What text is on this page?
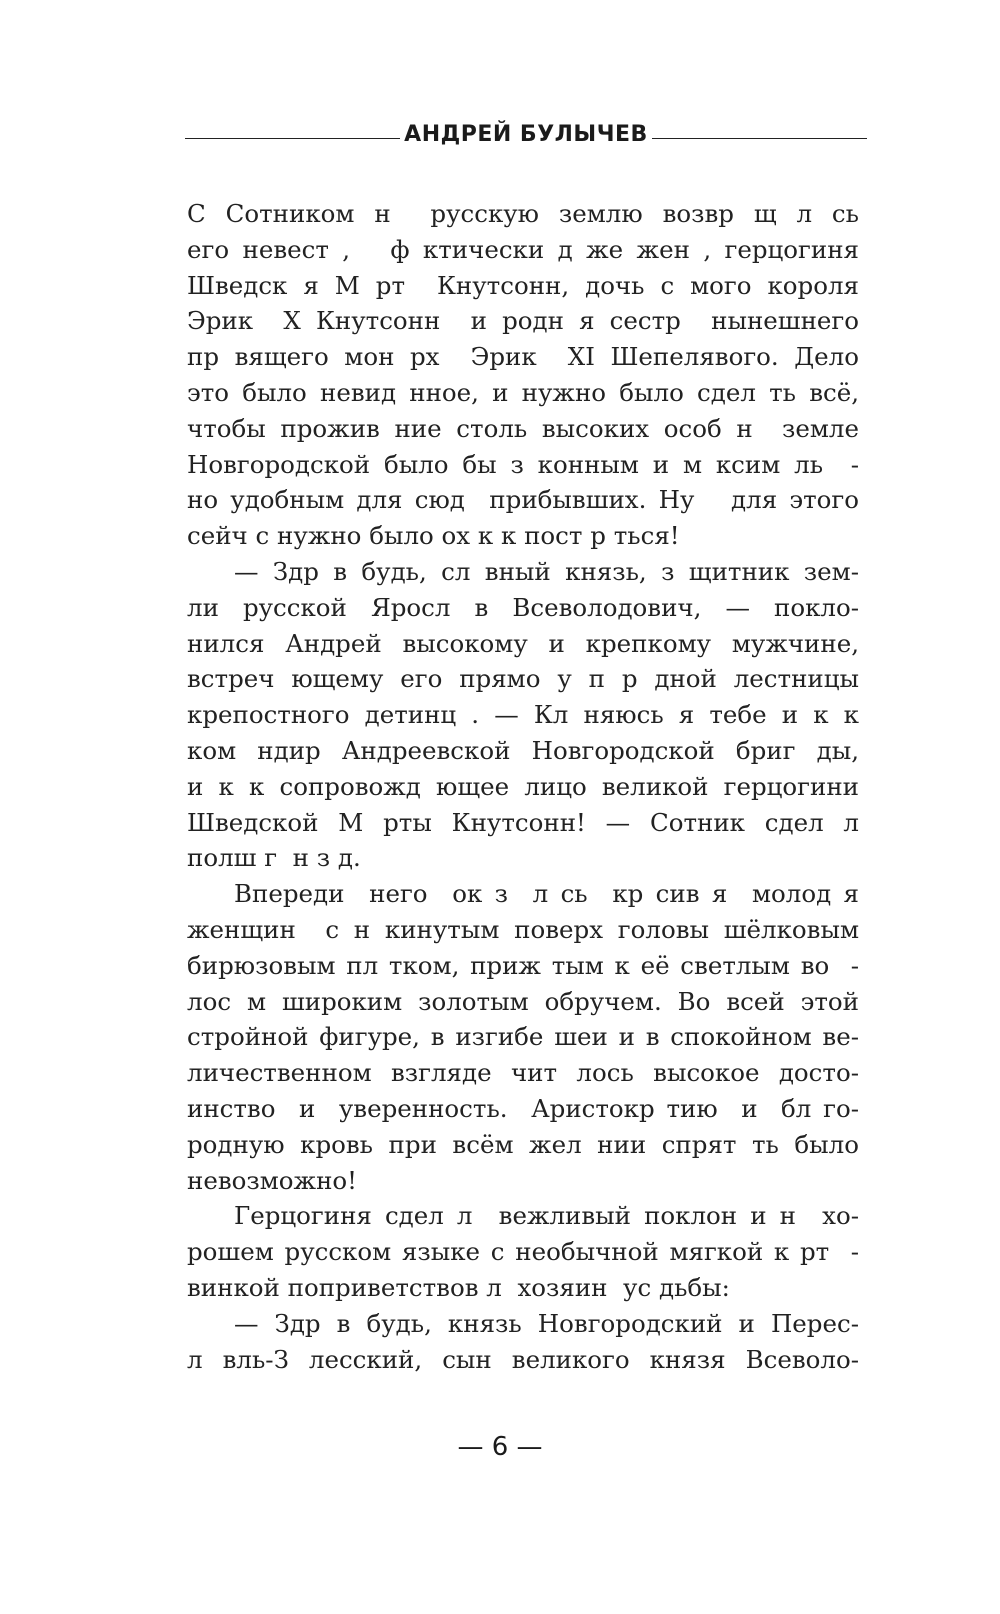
АНДРЕЙ БУЛЫЧЕВ
С Сотником н  русскую землю возвр щ л сь
его невест ,   ф ктически д же жен , герцогиня
Шведск я М рт  Кнутсонн, дочь с мого короля
Эрик  Х Кнутсонн  и родн я сестр  нынешнего
пр вящего мон рх  Эрик  XI Шепелявого. Дело
это было невид нное, и нужно было сдел ть всё,
чтобы прожив ние столь высоких особ н  земле
Новгородской было бы з конным и м ксим ль  -
но удобным для сюд  прибывших. Ну   для этого
сейч с нужно было ох к к пост р ться!
— Здр в будь, сл вный князь, з щитник зем-
ли русской Яросл в Всеволодович, — покло-
нился Андрей высокому и крепкому мужчине,
встреч ющему его прямо у п р дной лестницы
крепостного детинц . — Кл няюсь я тебе и к к
ком ндир Андреевской Новгородской бриг ды,
и к к сопровожд ющее лицо великой герцогини
Шведской М рты Кнутсонн! — Сотник сдел л
полш г  н з д.
Впереди  него  ок з  л сь  кр сив я  молод я
женщин  с н кинутым поверх головы шёлковым
бирюзовым пл тком, приж тым к её светлым во  -
лос м широким золотым обручем. Во всей этой
стройной фигуре, в изгибе шеи и в спокойном ве-
личественном взгляде чит лось высокое досто-
инство  и  уверенность.  Аристокр тию  и  бл го-
родную кровь при всём жел нии спрят ть было
невозможно!
Герцогиня сдел л  вежливый поклон и н  хо-
рошем русском языке с необычной мягкой к рт  -
винкой поприветствов л  хозяин  ус дьбы:
— Здр в будь, князь Новгородский и Перес-
л вль-З лесский, сын великого князя Всеволо-
— 6 —
